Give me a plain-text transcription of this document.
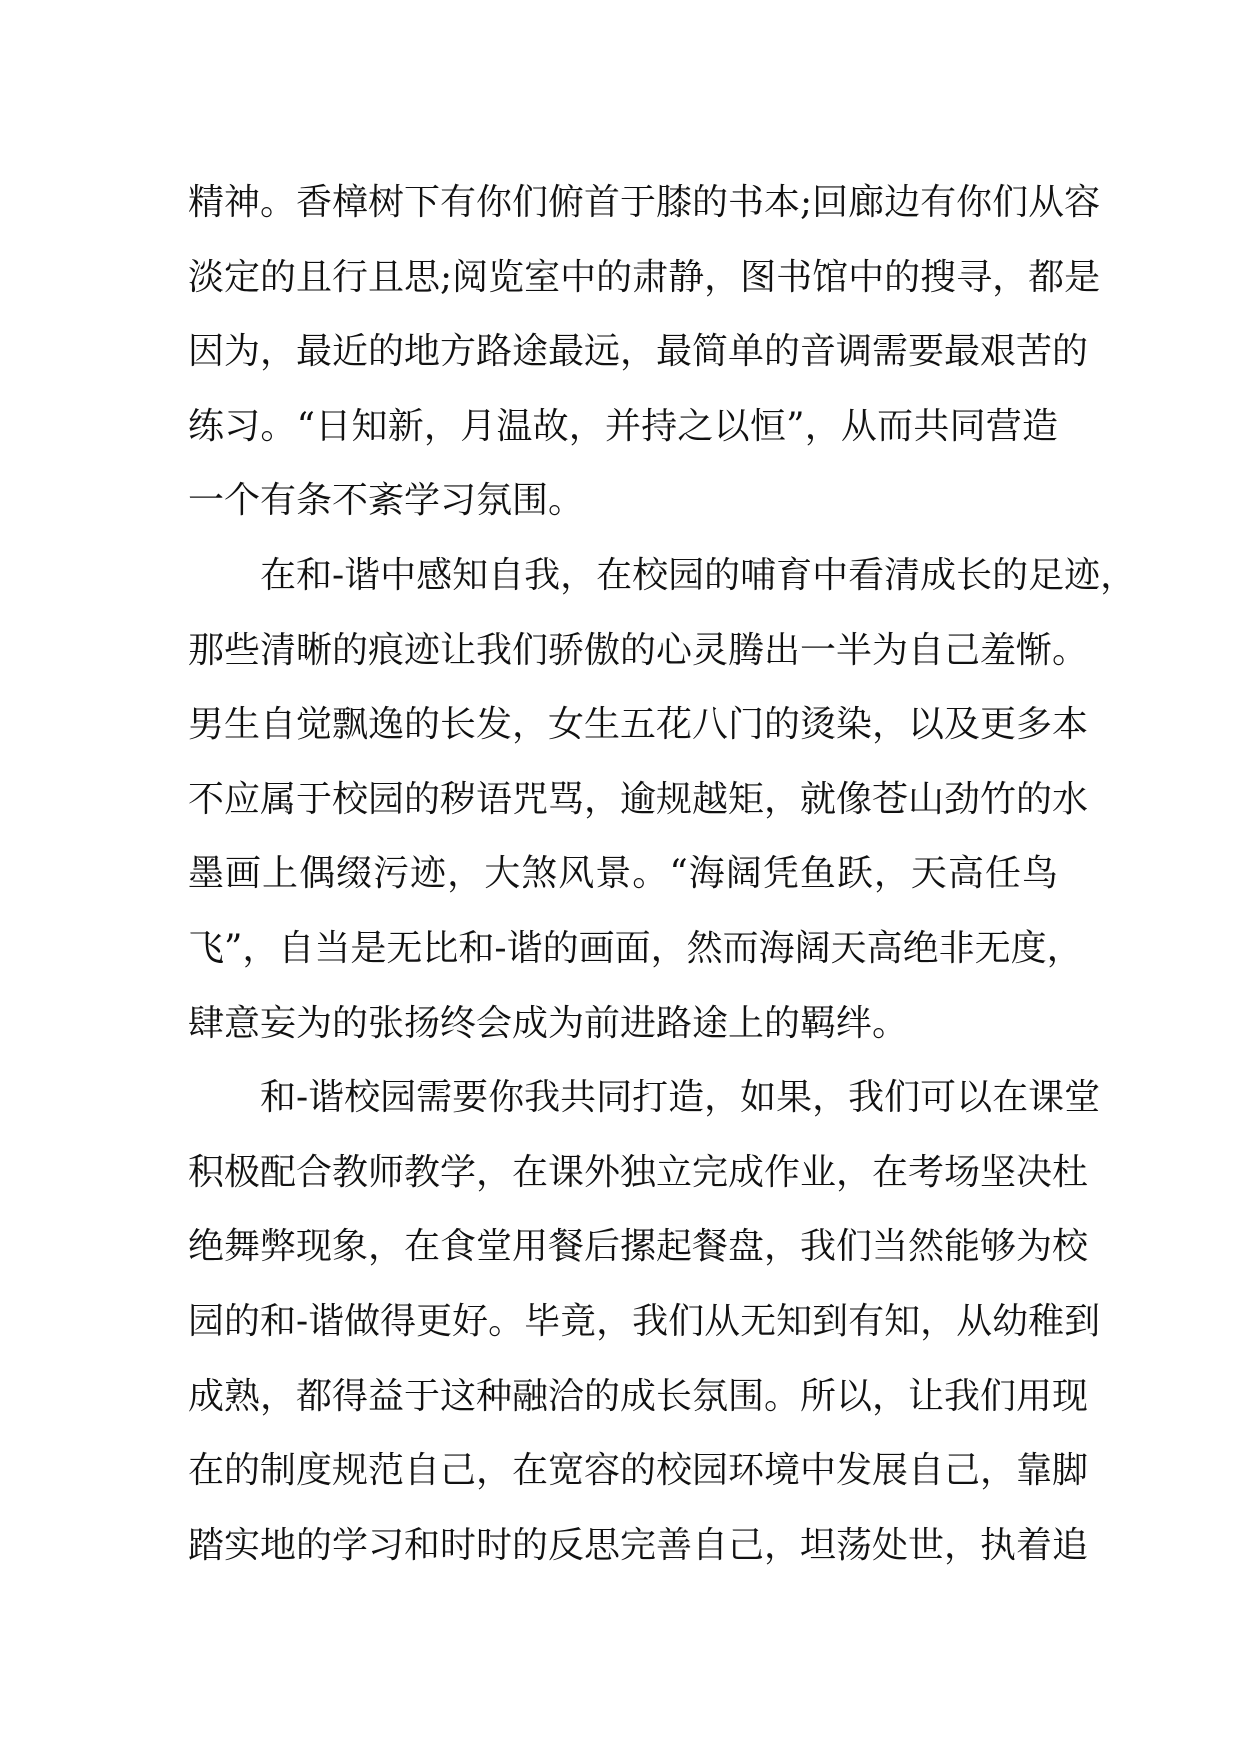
精神。香樟树下有你们俯首于膝的书本;回廊边有你们从容
淡定的且行且思;阅览室中的肃静，图书馆中的搜寻，都是
因为，最近的地方路途最远，最简单的音调需要最艰苦的
练习。“日知新，月温故，并持之以恒”，从而共同营造
一个有条不紊学习氛围。
在和-谐中感知自我，在校园的哺育中看清成长的足迹，
那些清晰的痕迹让我们骄傲的心灵腾出一半为自己羞惭。
男生自觉飘逸的长发，女生五花八门的烫染，以及更多本
不应属于校园的秽语咒骂，逾规越矩，就像苍山劲竹的水
墨画上偶缀污迹，大煞风景。“海阔凭鱼跃，天高任鸟
飞”，自当是无比和-谐的画面，然而海阔天高绝非无度，
肆意妄为的张扬终会成为前进路途上的羁绊。
和-谐校园需要你我共同打造，如果，我们可以在课堂
积极配合教师教学，在课外独立完成作业，在考场坚决杜
绝舞弊现象，在食堂用餐后摞起餐盘，我们当然能够为校
园的和-谐做得更好。毕竟，我们从无知到有知，从幼稚到
成熟，都得益于这种融洽的成长氛围。所以，让我们用现
在的制度规范自己，在宽容的校园环境中发展自己，靠脚
踏实地的学习和时时的反思完善自己，坦荡处世，执着追
